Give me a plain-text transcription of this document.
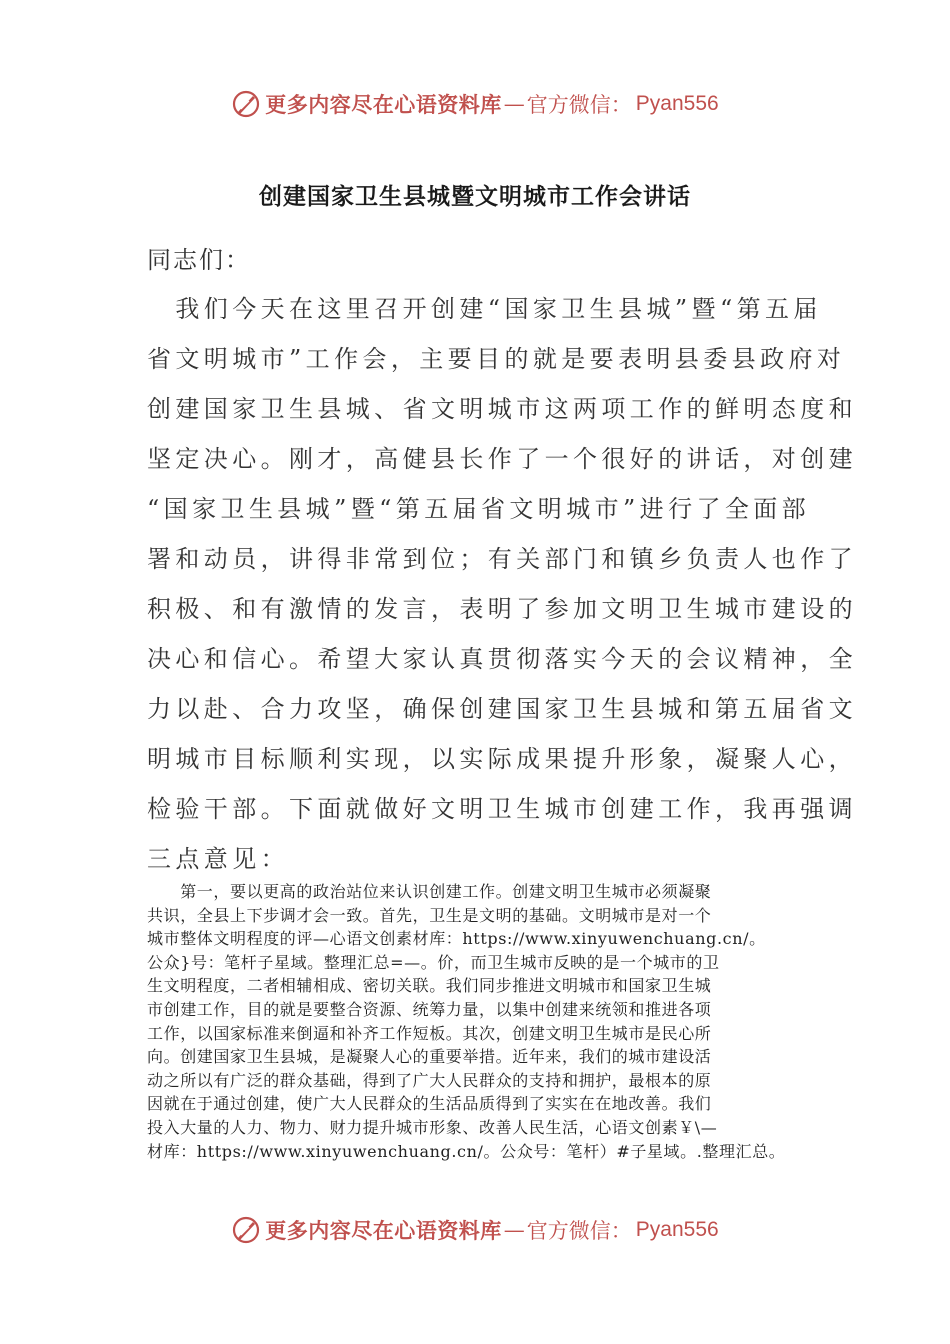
更多内容尽在心语资料库 — 官方微信： Pyan556
创建国家卫生县城暨文明城市工作会讲话
同志们：
　我们今天在这里召开创建“国家卫生县城”暨“第五届
省文明城市”工作会，主要目的就是要表明县委县政府对
创建国家卫生县城、省文明城市这两项工作的鲜明态度和
坚定决心。刚才，高健县长作了一个很好的讲话，对创建
“国家卫生县城”暨“第五届省文明城市”进行了全面部
署和动员，讲得非常到位；有关部门和镇乡负责人也作了
积极、和有激情的发言，表明了参加文明卫生城市建设的
决心和信心。希望大家认真贯彻落实今天的会议精神，全
力以赴、合力攻坚，确保创建国家卫生县城和第五届省文
明城市目标顺利实现，以实际成果提升形象，凝聚人心，
检验干部。下面就做好文明卫生城市创建工作，我再强调
三点意见：
　　第一，要以更高的政治站位来认识创建工作。创建文明卫生城市必须凝聚
共识，全县上下步调才会一致。首先，卫生是文明的基础。文明城市是对一个
城市整体文明程度的评—心语文创素材库：https://www.xinyuwenchuang.cn/。
公众}号：笔杆子星域。整理汇总=—。价，而卫生城市反映的是一个城市的卫
生文明程度，二者相辅相成、密切关联。我们同步推进文明城市和国家卫生城
市创建工作，目的就是要整合资源、统筹力量，以集中创建来统领和推进各项
工作，以国家标准来倒逼和补齐工作短板。其次，创建文明卫生城市是民心所
向。创建国家卫生县城，是凝聚人心的重要举措。近年来，我们的城市建设活
动之所以有广泛的群众基础，得到了广大人民群众的支持和拥护，最根本的原
因就在于通过创建，使广大人民群众的生活品质得到了实实在在地改善。我们
投入大量的人力、物力、财力提升城市形象、改善人民生活，心语文创素￥\—
材库：https://www.xinyuwenchuang.cn/。公众号：笔杆）#子星域。.整理汇总。
更多内容尽在心语资料库 — 官方微信： Pyan556
